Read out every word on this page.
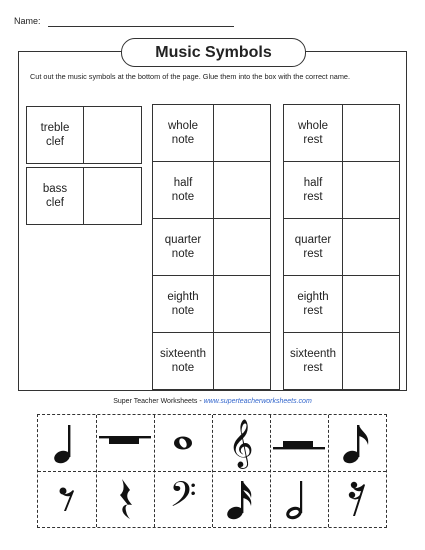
Name:
Music Symbols
Cut out the music symbols at the bottom of the page. Glue them into the box with the correct name.
treble
clef

bass
clef

whole
note	

half
note	

quarter
note	

eighth
note	

sixteenth
note	

whole
rest	

half
rest	

quarter
rest	

eighth
rest	

sixteenth
rest	

Super Teacher Worksheets - www.superteacherworksheets.com
𝄞
𝄢
